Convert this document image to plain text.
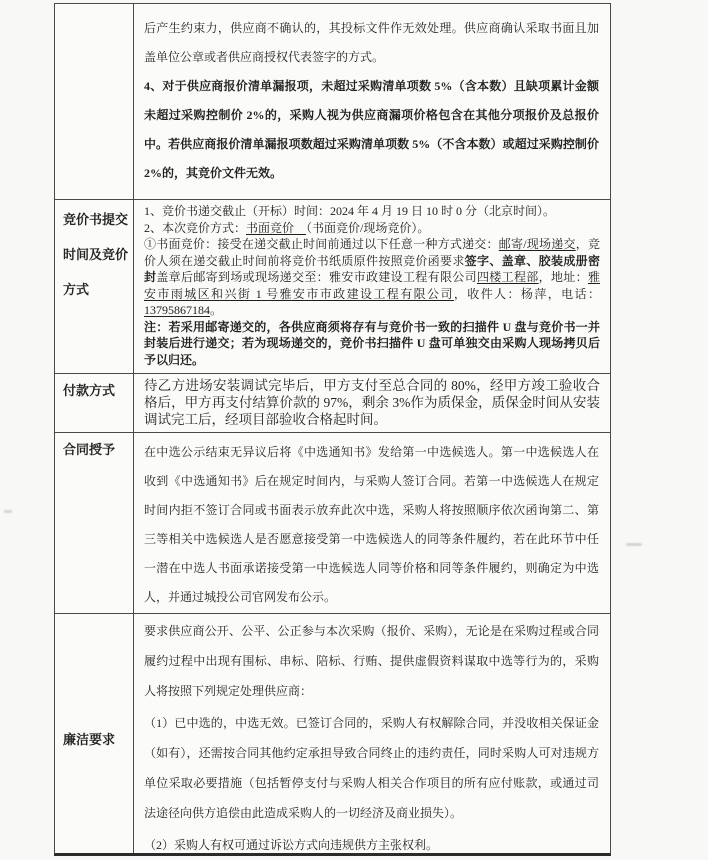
后产生约束力，供应商不确认的，其投标文件作无效处理。供应商确认采取书面且加盖单位公章或者供应商授权代表签字的方式。

4、对于供应商报价清单漏报项，未超过采购清单项数 5%（含本数）且缺项累计金额未超过采购控制价 2%的，采购人视为供应商漏项价格包含在其他分项报价及总报价中。若供应商报价清单漏报项数超过采购清单项数 5%（不含本数）或超过采购控制价 2%的，其竞价文件无效。

竞价书提交时间及竞价方式

1、竞价书递交截止（开标）时间：2024 年 4 月 19 日 10 时 0 分（北京时间）。

2、本次竞价方式：书面竞价　（书面竞价/现场竞价）。

①书面竞价：接受在递交截止时间前通过以下任意一种方式递交：邮寄/现场递交，竞价人须在递交截止时间前将竞价书纸质原件按照竞价函要求签字、盖章、胶装成册密封盖章后邮寄到场或现场递交至：雅安市政建设工程有限公司四楼工程部，地址：雅安市雨城区和兴街 1 号雅安市市政建设工程有限公司，收件人：杨萍，电话：13795867184。

注：若采用邮寄递交的，各供应商须将存有与竞价书一致的扫描件 U 盘与竞价书一并封装后进行递交；若为现场递交的，竞价书扫描件 U 盘可单独交由采购人现场拷贝后予以归还。

付款方式	待乙方进场安装调试完毕后，甲方支付至总合同的 80%，经甲方竣工验收合格后，甲方再支付结算价款的 97%，剩余 3%作为质保金，质保金时间从安装调试完工后，经项目部验收合格起时间。

合同授予	在中选公示结束无异议后将《中选通知书》发给第一中选候选人。第一中选候选人在收到《中选通知书》后在规定时间内，与采购人签订合同。若第一中选候选人在规定时间内拒不签订合同或书面表示放弃此次中选，采购人将按照顺序依次函询第二、第三等相关中选候选人是否愿意接受第一中选候选人的同等条件履约，若在此环节中任一潜在中选人书面承诺接受第一中选候选人同等价格和同等条件履约，则确定为中选人，并通过城投公司官网发布公示。

廉洁要求

要求供应商公开、公平、公正参与本次采购（报价、采购），无论是在采购过程或合同履约过程中出现有围标、串标、陪标、行贿、提供虚假资料谋取中选等行为的，采购人将按照下列规定处理供应商：

（1）已中选的，中选无效。已签订合同的，采购人有权解除合同，并没收相关保证金（如有），还需按合同其他约定承担导致合同终止的违约责任，同时采购人可对违规方单位采取必要措施（包括暂停支付与采购人相关合作项目的所有应付账款，或通过司法途径向供方追偿由此造成采购人的一切经济及商业损失）。

（2）采购人有权可通过诉讼方式向违规供方主张权利。
